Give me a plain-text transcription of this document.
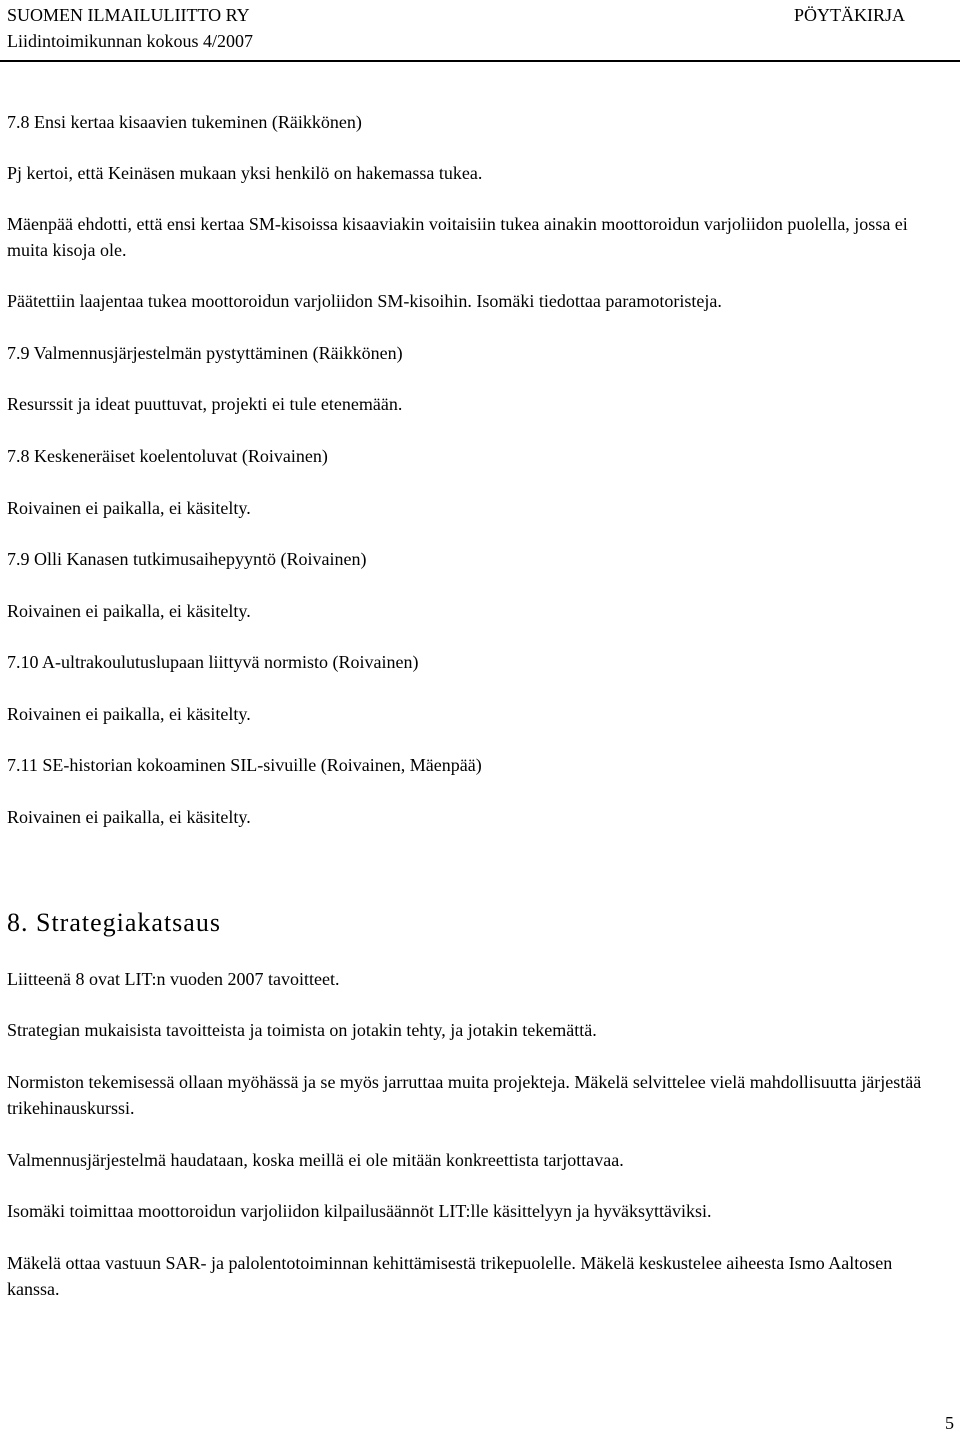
SUOMEN ILMAILULIITTO RY	PÖYTÄKIRJA
Liidintoimikunnan kokous 4/2007
7.8 Ensi kertaa kisaavien tukeminen (Räikkönen)
Pj kertoi, että Keinäsen mukaan yksi henkilö on hakemassa tukea.
Mäenpää ehdotti, että ensi kertaa SM-kisoissa kisaaviakin voitaisiin tukea ainakin moottoroidun varjoliidon puolella, jossa ei muita kisoja ole.
Päätettiin laajentaa tukea moottoroidun varjoliidon SM-kisoihin. Isomäki tiedottaa paramotoristeja.
7.9 Valmennusjärjestelmän pystyttäminen (Räikkönen)
Resurssit ja ideat puuttuvat, projekti ei tule etenemään.
7.8 Keskeneräiset koelentoluvat (Roivainen)
Roivainen ei paikalla, ei käsitelty.
7.9 Olli Kanasen tutkimusaihepyyntö (Roivainen)
Roivainen ei paikalla, ei käsitelty.
7.10 A-ultrakoulutuslupaan liittyvä normisto (Roivainen)
Roivainen ei paikalla, ei käsitelty.
7.11 SE-historian kokoaminen SIL-sivuille (Roivainen, Mäenpää)
Roivainen ei paikalla, ei käsitelty.
8. Strategiakatsaus
Liitteenä 8 ovat LIT:n vuoden 2007 tavoitteet.
Strategian mukaisista tavoitteista ja toimista on jotakin tehty, ja jotakin tekemättä.
Normiston tekemisessä ollaan myöhässä ja se myös jarruttaa muita projekteja. Mäkelä selvittelee vielä mahdollisuutta järjestää trikehinauskurssi.
Valmennusjärjestelmä haudataan, koska meillä ei ole mitään konkreettista tarjottavaa.
Isomäki toimittaa moottoroidun varjoliidon kilpailusäännöt LIT:lle käsittelyyn ja hyväksyttäviksi.
Mäkelä ottaa vastuun SAR- ja palolentotoiminnan kehittämisestä trikepuolelle. Mäkelä keskustelee aiheesta Ismo Aaltosen kanssa.
5
